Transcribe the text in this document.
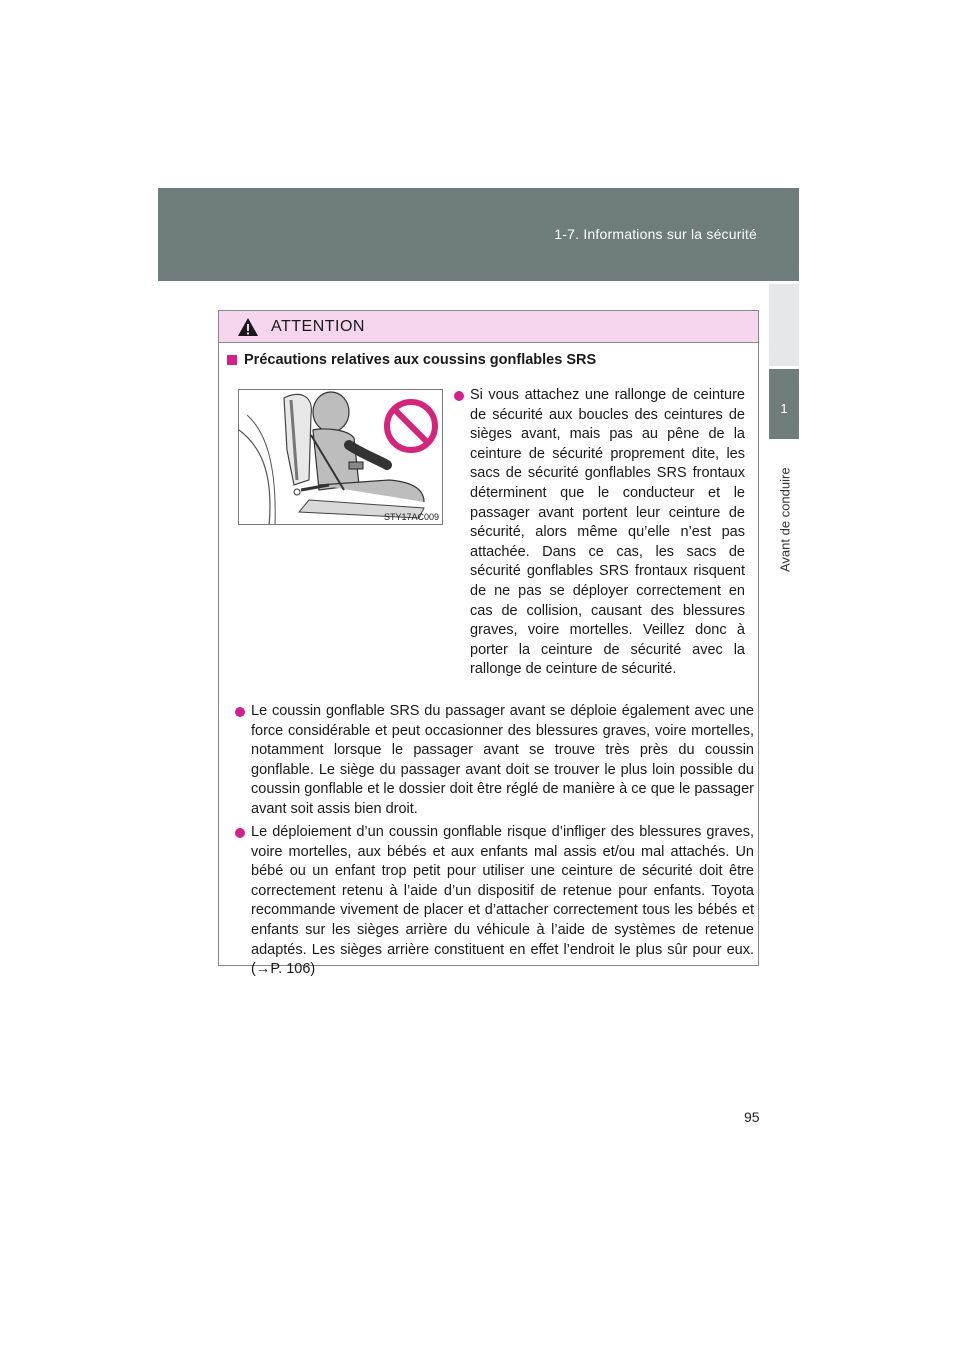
1-7. Informations sur la sécurité
1
Avant de conduire
ATTENTION
Précautions relatives aux coussins gonflables SRS
STY17AC009
Si vous attachez une rallonge de ceinture de sécurité aux boucles des ceintures de sièges avant, mais pas au pêne de la ceinture de sécurité proprement dite, les sacs de sécurité gonflables SRS frontaux déterminent que le conducteur et le passager avant portent leur ceinture de sécurité, alors même qu’elle n’est pas attachée. Dans ce cas, les sacs de sécurité gonflables SRS frontaux risquent de ne pas se déployer correctement en cas de collision, causant des blessures graves, voire mortelles. Veillez donc à porter la ceinture de sécurité avec la rallonge de ceinture de sécurité.
Le coussin gonflable SRS du passager avant se déploie également avec une force considérable et peut occasionner des blessures graves, voire mortelles, notamment lorsque le passager avant se trouve très près du coussin gonflable. Le siège du passager avant doit se trouver le plus loin possible du coussin gonflable et le dossier doit être réglé de manière à ce que le passager avant soit assis bien droit.
Le déploiement d’un coussin gonflable risque d’infliger des blessures graves, voire mortelles, aux bébés et aux enfants mal assis et/ou mal attachés. Un bébé ou un enfant trop petit pour utiliser une ceinture de sécurité doit être correctement retenu à l’aide d’un dispositif de retenue pour enfants. Toyota recommande vivement de placer et d’attacher correctement tous les bébés et enfants sur les sièges arrière du véhicule à l’aide de systèmes de retenue adaptés. Les sièges arrière constituent en effet l’endroit le plus sûr pour eux. (→P. 106)
95
